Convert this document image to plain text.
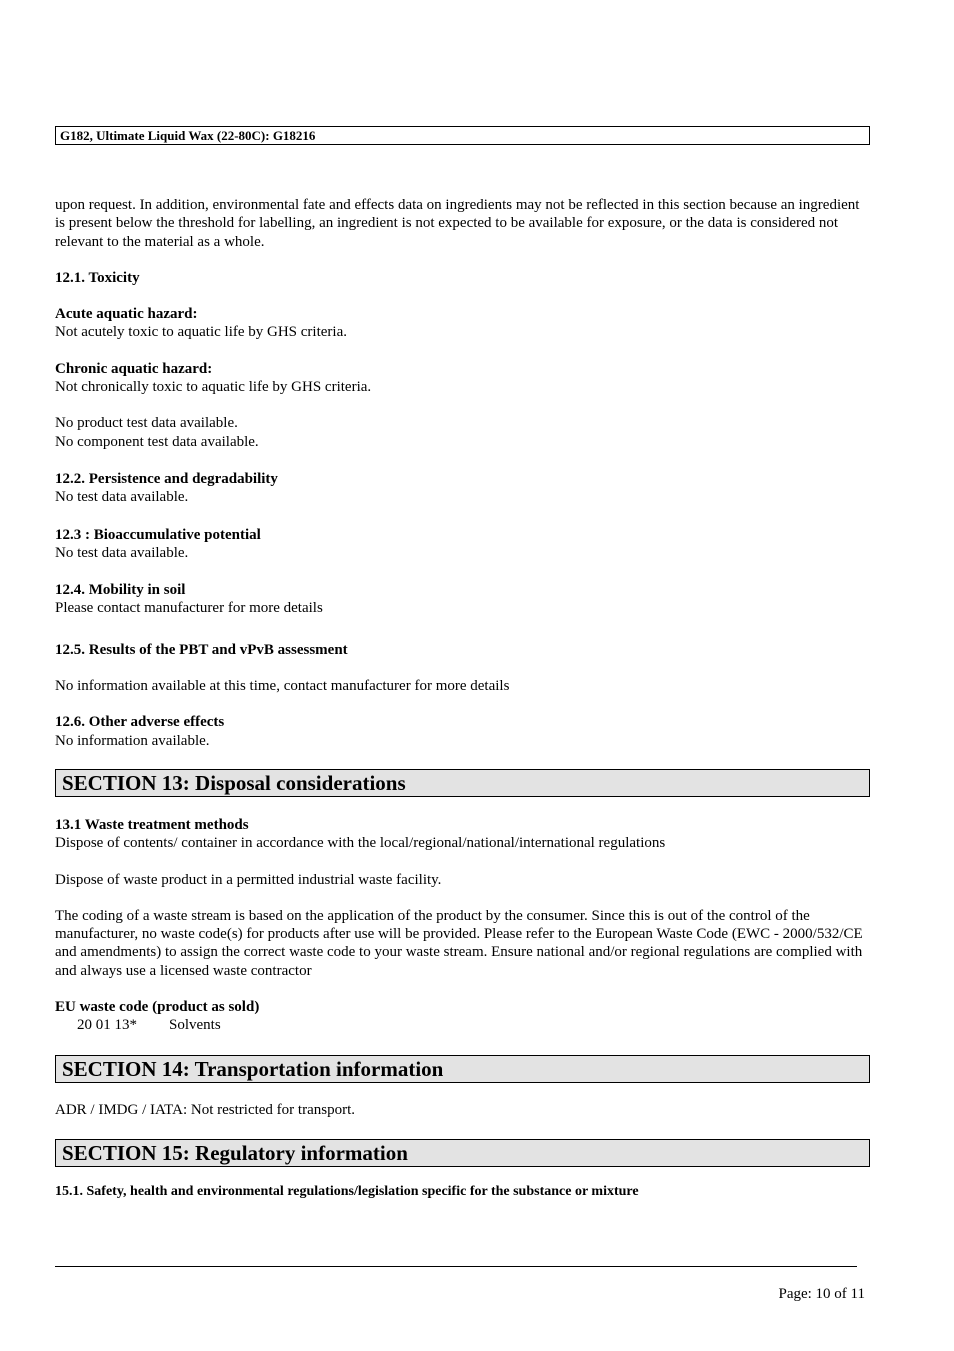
G182, Ultimate Liquid Wax (22-80C): G18216

upon request. In addition, environmental fate and effects data on ingredients may not be reflected in this section because an ingredient is present below the threshold for labelling, an ingredient is not expected to be available for exposure, or the data is considered not relevant to the material as a whole.

12.1. Toxicity

Acute aquatic hazard:

Not acutely toxic to aquatic life by GHS criteria.

Chronic aquatic hazard:

Not chronically toxic to aquatic life by GHS criteria.

No product test data available.

No component test data available.

12.2. Persistence and degradability

No test data available.

12.3 : Bioaccumulative potential

No test data available.

12.4. Mobility in soil

Please contact manufacturer for more details

12.5. Results of the PBT and vPvB assessment

No information available at this time, contact manufacturer for more details

12.6. Other adverse effects

No information available.

SECTION 13: Disposal considerations

13.1 Waste treatment methods

Dispose of contents/ container in accordance with the local/regional/national/international regulations

Dispose of waste product in a permitted industrial waste facility.

The coding of a waste stream is based on the application of the product by the consumer. Since this is out of the control of the manufacturer, no waste code(s) for products after use will be provided. Please refer to the European Waste Code (EWC - 2000/532/CE and amendments) to assign the correct waste code to your waste stream. Ensure national and/or regional regulations are complied with and always use a licensed waste contractor

EU waste code (product as sold)

20 01 13*	Solvents
SECTION 14: Transportation information
ADR / IMDG / IATA: Not restricted for transport.
SECTION 15: Regulatory information
15.1. Safety, health and environmental regulations/legislation specific for the substance or mixture
Page: 10 of 11
